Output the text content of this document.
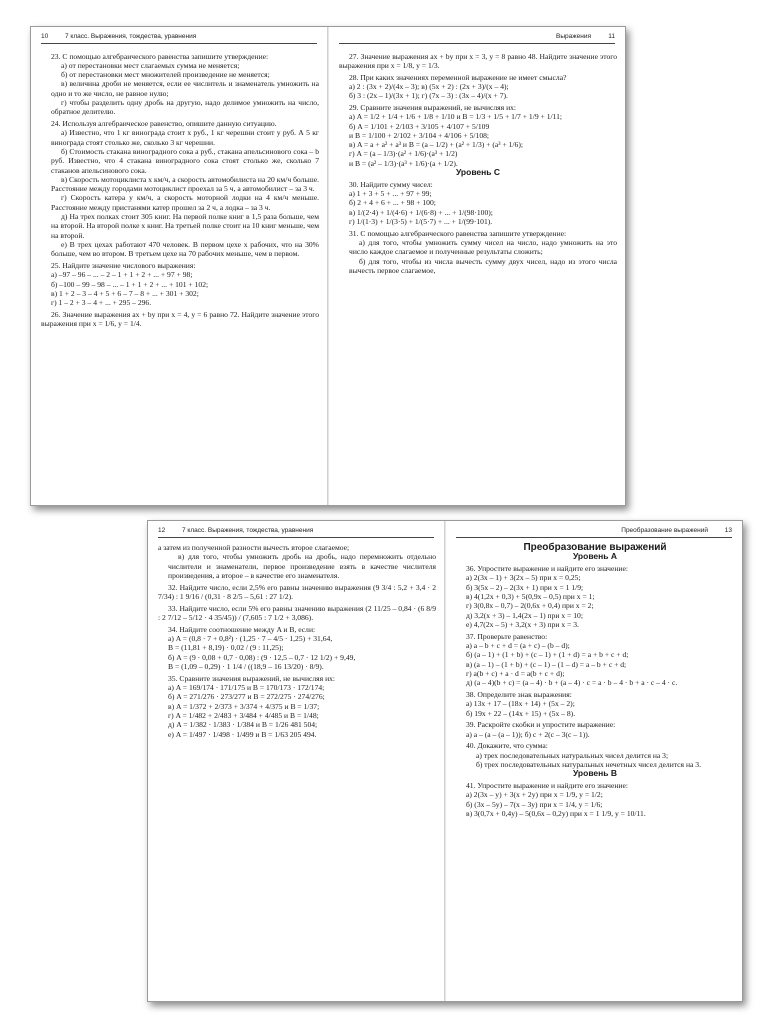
10	7 класс. Выражения, тождества, уравнения

23. С помощью алгебраического равенства запишите утверждение:

а) от перестановки мест слагаемых сумма не меняется;

б) от перестановки мест множителей произведение не меняется;

в) величина дроби не меняется, если ее числитель и знаменатель умножить на одно и то же число, не равное нулю;

г) чтобы разделить одну дробь на другую, надо делимое умножить на число, обратное делителю.

24. Используя алгебраическое равенство, опишите данную ситуацию.

а) Известно, что 1 кг винограда стоит x руб., 1 кг черешни стоит y руб. А 5 кг винограда стоят столько же, сколько 3 кг черешни.

б) Стоимость стакана виноградного сока a руб., стакана апельсинового сока – b руб. Известно, что 4 стакана виноградного сока стоят столько же, сколько 7 стаканов апельсинового сока.

в) Скорость мотоциклиста x км/ч, а скорость автомобилиста на 20 км/ч больше. Расстояние между городами мотоциклист проехал за 5 ч, а автомобилист – за 3 ч.

г) Скорость катера y км/ч, а скорость моторной лодки на 4 км/ч меньше. Расстояние между пристанями катер прошел за 2 ч, а лодка – за 3 ч.

д) На трех полках стоит 305 книг. На первой полке книг в 1,5 раза больше, чем на второй. На второй полке x книг. На третьей полке стоит на 10 книг меньше, чем на второй.

е) В трех цехах работают 470 человек. В первом цехе x рабочих, что на 30% больше, чем во втором. В третьем цехе на 70 рабочих меньше, чем в первом.

25. Найдите значение числового выражения:

а) –97 – 96 – ... – 2 – 1 + 1 + 2 + ... + 97 + 98;

б) –100 – 99 – 98 – ... – 1 + 1 + 2 + ... + 101 + 102;

в) 1 + 2 – 3 – 4 + 5 + 6 – 7 – 8 + ... + 301 + 302;

г) 1 – 2 + 3 – 4 + ... + 295 – 296.

26. Значение выражения ax + by при x = 4, y = 6 равно 72. Найдите значение этого выражения при x = 1/6, y = 1/4.

11
Выражения

27. Значение выражения ax + by при x = 3, y = 8 равно 48. Найдите значение этого выражения при x = 1/8, y = 1/3.

28. При каких значениях переменной выражение не имеет смысла?

а) 2 : (3x + 2)/(4x – 3); в) (5x + 2) : (2x + 3)/(x – 4);

б) 3 : (2x – 1)/(3x + 1); г) (7x – 3) : (3x – 4)/(x + 7).

29. Сравните значения выражений, не вычисляя их:

а) A = 1/2 + 1/4 + 1/6 + 1/8 + 1/10 и B = 1/3 + 1/5 + 1/7 + 1/9 + 1/11;

б) A = 1/101 + 2/103 + 3/105 + 4/107 + 5/109

и B = 1/100 + 2/102 + 3/104 + 4/106 + 5/108;

в) A = a + a² + a³ и B = (a – 1/2) + (a² + 1/3) + (a³ + 1/6);

г) A = (a – 1/3)·(a² + 1/6)·(a³ + 1/2)

и B = (a² – 1/3)·(a³ + 1/6)·(a + 1/2).

Уровень С

30. Найдите сумму чисел:

а) 1 + 3 + 5 + ... + 97 + 99;

б) 2 + 4 + 6 + ... + 98 + 100;

в) 1/(2·4) + 1/(4·6) + 1/(6·8) + ... + 1/(98·100);

г) 1/(1·3) + 1/(3·5) + 1/(5·7) + ... + 1/(99·101).

31. С помощью алгебраического равенства запишите утверждение:

а) для того, чтобы умножить сумму чисел на число, надо умножить на это число каждое слагаемое и полученные результаты сложить;

б) для того, чтобы из числа вычесть сумму двух чисел, надо из этого числа вычесть первое слагаемое,

12	7 класс. Выражения, тождества, уравнения

а затем из полученной разности вычесть второе слагаемое;

в) для того, чтобы умножить дробь на дробь, надо перемножить отдельно числители и знаменатели, первое произведение взять в качестве числителя произведения, а второе – в качестве его знаменателя.

32. Найдите число, если 2,5% его равны значению выражения (9 3/4 : 5,2 + 3,4 · 2 7/34) : 1 9/16 / (0,31 · 8 2/5 – 5,61 : 27 1/2).

33. Найдите число, если 5% его равны значению выражения (2 11/25 – 0,84 · (6 8/9 : 2 7/12 – 5/12 · 4 35/45)) / (7,605 : 7 1/2 + 3,086).

34. Найдите соотношение между A и B, если:

а) A = (0,8 · 7 + 0,8²) · (1,25 · 7 – 4/5 · 1,25) + 31,64,

B = (11,81 + 8,19) · 0,02 / (9 : 11,25);

б) A = (9 · 0,08 + 0,7 · 0,08) : (9 · 12,5 – 0,7 · 12 1/2) + 9,49,

B = (1,09 – 0,29) · 1 1/4 / ((18,9 – 16 13/20) · 8/9).

35. Сравните значения выражений, не вычисляя их:

а) A = 169/174 · 171/175 и B = 170/173 · 172/174;

б) A = 271/276 · 273/277 и B = 272/275 · 274/276;

в) A = 1/372 + 2/373 + 3/374 + 4/375 и B = 1/37;

г) A = 1/482 + 2/483 + 3/484 + 4/485 и B = 1/48;

д) A = 1/382 · 1/383 · 1/384 и B = 1/26 481 504;

е) A = 1/497 · 1/498 · 1/499 и B = 1/63 205 494.

13
Преобразование выражений

Преобразование выражений

Уровень А

36. Упростите выражение и найдите его значение:

а) 2(3x – 1) + 3(2x – 5) при x = 0,25;

б) 3(5x – 2) – 2(3x + 1) при x = 1 1/9;

в) 4(1,2x + 0,3) + 5(0,9x – 0,5) при x = 1;

г) 3(0,8x – 0,7) – 2(0,6x + 0,4) при x = 2;

д) 3,2(x + 3) – 1,4(2x – 1) при x = 10;

е) 4,7(2x – 5) + 3,2(x + 3) при x = 3.

37. Проверьте равенство:

а) a – b + c + d = (a + c) – (b – d);

б) (a – 1) + (1 + b) + (c – 1) + (1 + d) = a + b + c + d;

в) (a – 1) – (1 + b) + (c – 1) – (1 – d) = a – b + c + d;

г) a(b + c) + a · d = a(b + c + d);

д) (a – 4)(b + c) = (a – 4) · b + (a – 4) · c = a · b – 4 · b + a · c – 4 · c.

38. Определите знак выражения:

а) 13x + 17 – (18x + 14) + (5x – 2);

б) 19x + 22 – (14x + 15) + (5x – 8).

39. Раскройте скобки и упростите выражение:

а) a – (a – (a – 1)); б) c + 2(c – 3(c – 1)).

40. Докажите, что сумма:

а) трех последовательных натуральных чисел делится на 3;

б) трех последовательных натуральных нечетных чисел делится на 3.

Уровень В

41. Упростите выражение и найдите его значение:

а) 2(3x – y) + 3(x + 2y) при x = 1/9, y = 1/2;

б) (3x – 5y) – 7(x – 3y) при x = 1/4, y = 1/6;

в) 3(0,7x + 0,4y) – 5(0,6x – 0,2y) при x = 1 1/9, y = 10/11.
